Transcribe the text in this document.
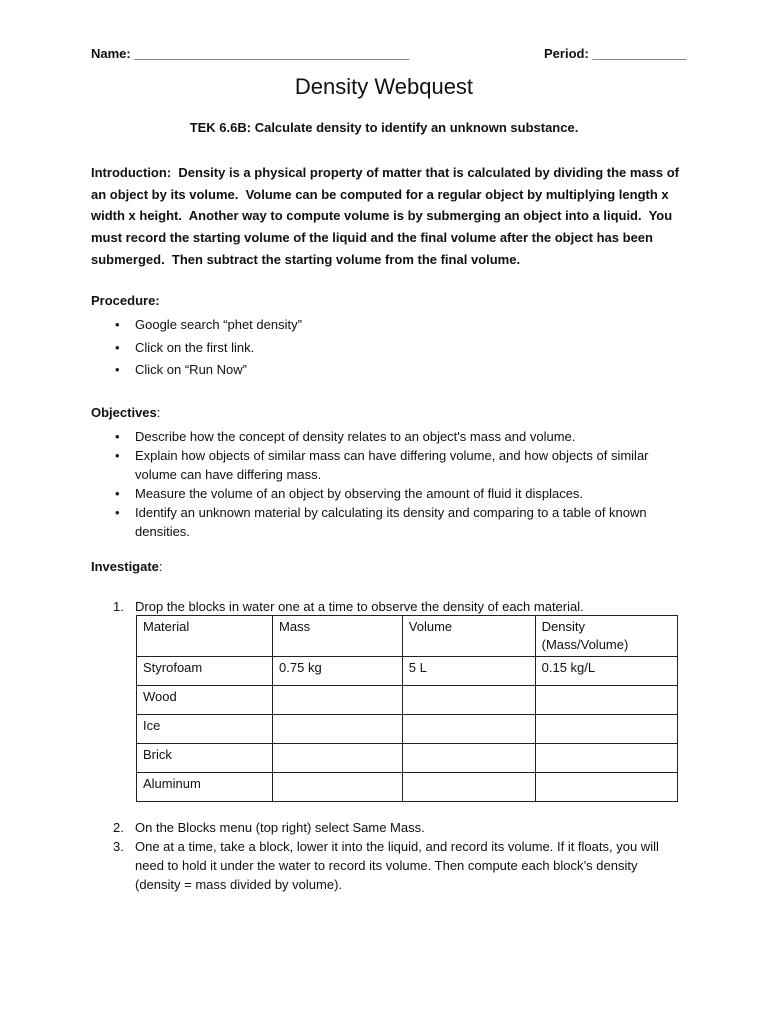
Name: ______________________________________	Period: _____________
Density Webquest
TEK 6.6B: Calculate density to identify an unknown substance.
Introduction:  Density is a physical property of matter that is calculated by dividing the mass of an object by its volume.  Volume can be computed for a regular object by multiplying length x width x height.  Another way to compute volume is by submerging an object into a liquid.  You must record the starting volume of the liquid and the final volume after the object has been submerged.  Then subtract the starting volume from the final volume.
Procedure:
• Google search “phet density”
• Click on the first link.
• Click on “Run Now”
Objectives:
• Describe how the concept of density relates to an object's mass and volume.
• Explain how objects of similar mass can have differing volume, and how objects of similar volume can have differing mass.
• Measure the volume of an object by observing the amount of fluid it displaces.
• Identify an unknown material by calculating its density and comparing to a table of known densities.
Investigate:
1. Drop the blocks in water one at a time to observe the density of each material.
Material	Mass	Volume	Density (Mass/Volume)
Styrofoam	0.75 kg	5 L	0.15 kg/L
Wood			
Ice			
Brick			
Aluminum			
2. On the Blocks menu (top right) select Same Mass.
3. One at a time, take a block, lower it into the liquid, and record its volume. If it floats, you will need to hold it under the water to record its volume. Then compute each block’s density (density = mass divided by volume).
